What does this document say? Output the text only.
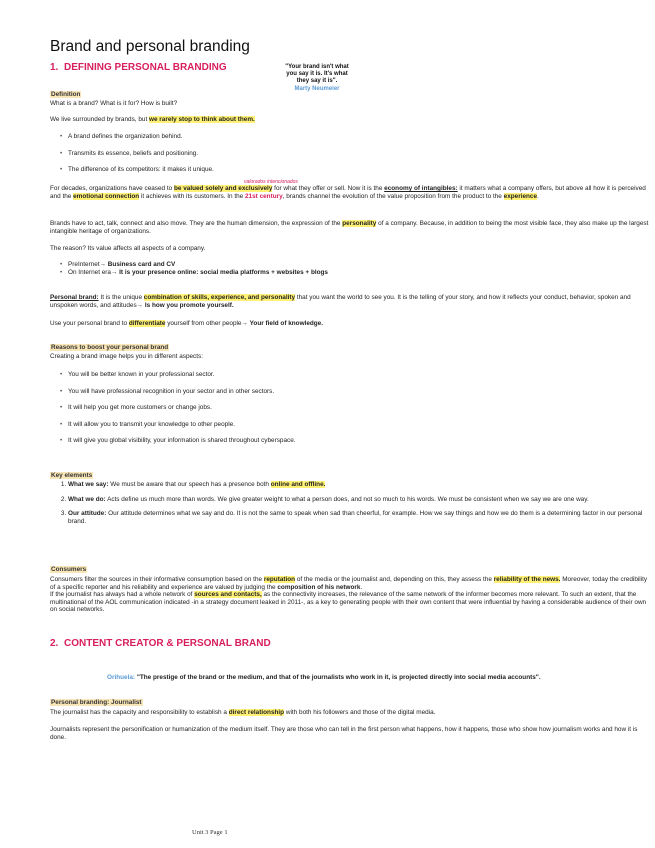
Brand and personal branding
1. DEFINING PERSONAL BRANDING	"Your brand isn't what
you say it is. It's what
they say it is".
Marty Neumeier
Definition

What is a brand? What is it for? How is built?

We live surrounded by brands, but we rarely stop to think about them.

• A brand defines the organization behind.
• Transmits its essence, beliefs and positioning.
• The difference of its competitors: it makes it unique.
valorados intencionados

For decades, organizations have ceased to be valued solely and exclusively for what they offer or sell. Now it is the economy of intangibles: it matters what a company offers, but above all how it is perceived and the emotional connection it achieves with its customers. In the 21st century, brands channel the evolution of the value proposition from the product to the experience.

Brands have to act, talk, connect and also move. They are the human dimension, the expression of the personality of a company. Because, in addition to being the most visible face, they also make up the largest intangible heritage of organizations.

The reason? Its value affects all aspects of a company.

• PreInternet→ Business card and CV
• On Internet era→ It is your presence online: social media platforms + websites + blogs

Personal brand: It is the unique combination of skills, experience, and personality that you want the world to see you. It is the telling of your story, and how it reflects your conduct, behavior, spoken and unspoken words, and attitudes→ Is how you promote yourself.

Use your personal brand to differentiate yourself from other people→ Your field of knowledge.

Reasons to boost your personal brand

Creating a brand image helps you in different aspects:

• You will be better known in your professional sector.
• You will have professional recognition in your sector and in other sectors.
• It will help you get more customers or change jobs.
• It will allow you to transmit your knowledge to other people.
• It will give you global visibility, your information is shared throughout cyberspace.
Key elements
1. What we say: We must be aware that our speech has a presence both online and offline.
2. What we do: Acts define us much more than words. We give greater weight to what a person does, and not so much to his words. We must be consistent when we say we are one way.
3. Our attitude: Our attitude determines what we say and do. It is not the same to speak when sad than cheerful, for example. How we say things and how we do them is a determining factor in our personal brand.
Consumers

Consumers filter the sources in their informative consumption based on the reputation of the media or the journalist and, depending on this, they assess the reliability of the news. Moreover, today the credibility of a specific reporter and his reliability and experience are valued by judging the composition of his network.
If the journalist has always had a whole network of sources and contacts, as the connectivity increases, the relevance of the same network of the informer becomes more relevant. To such an extent, that the multinational of the AOL communication indicated -in a strategy document leaked in 2011-, as a key to generating people with their own content that were influential by having a considerable audience of their own on social networks.

2. CONTENT CREATOR & PERSONAL BRAND

Orihuela: "The prestige of the brand or the medium, and that of the journalists who work in it, is projected directly into social media accounts".

Personal branding: Journalist

The journalist has the capacity and responsibility to establish a direct relationship with both his followers and those of the digital media.

Journalists represent the personification or humanization of the medium itself. They are those who can tell in the first person what happens, how it happens, those who show how journalism works and how it is done.

Unit 3 Page 1
